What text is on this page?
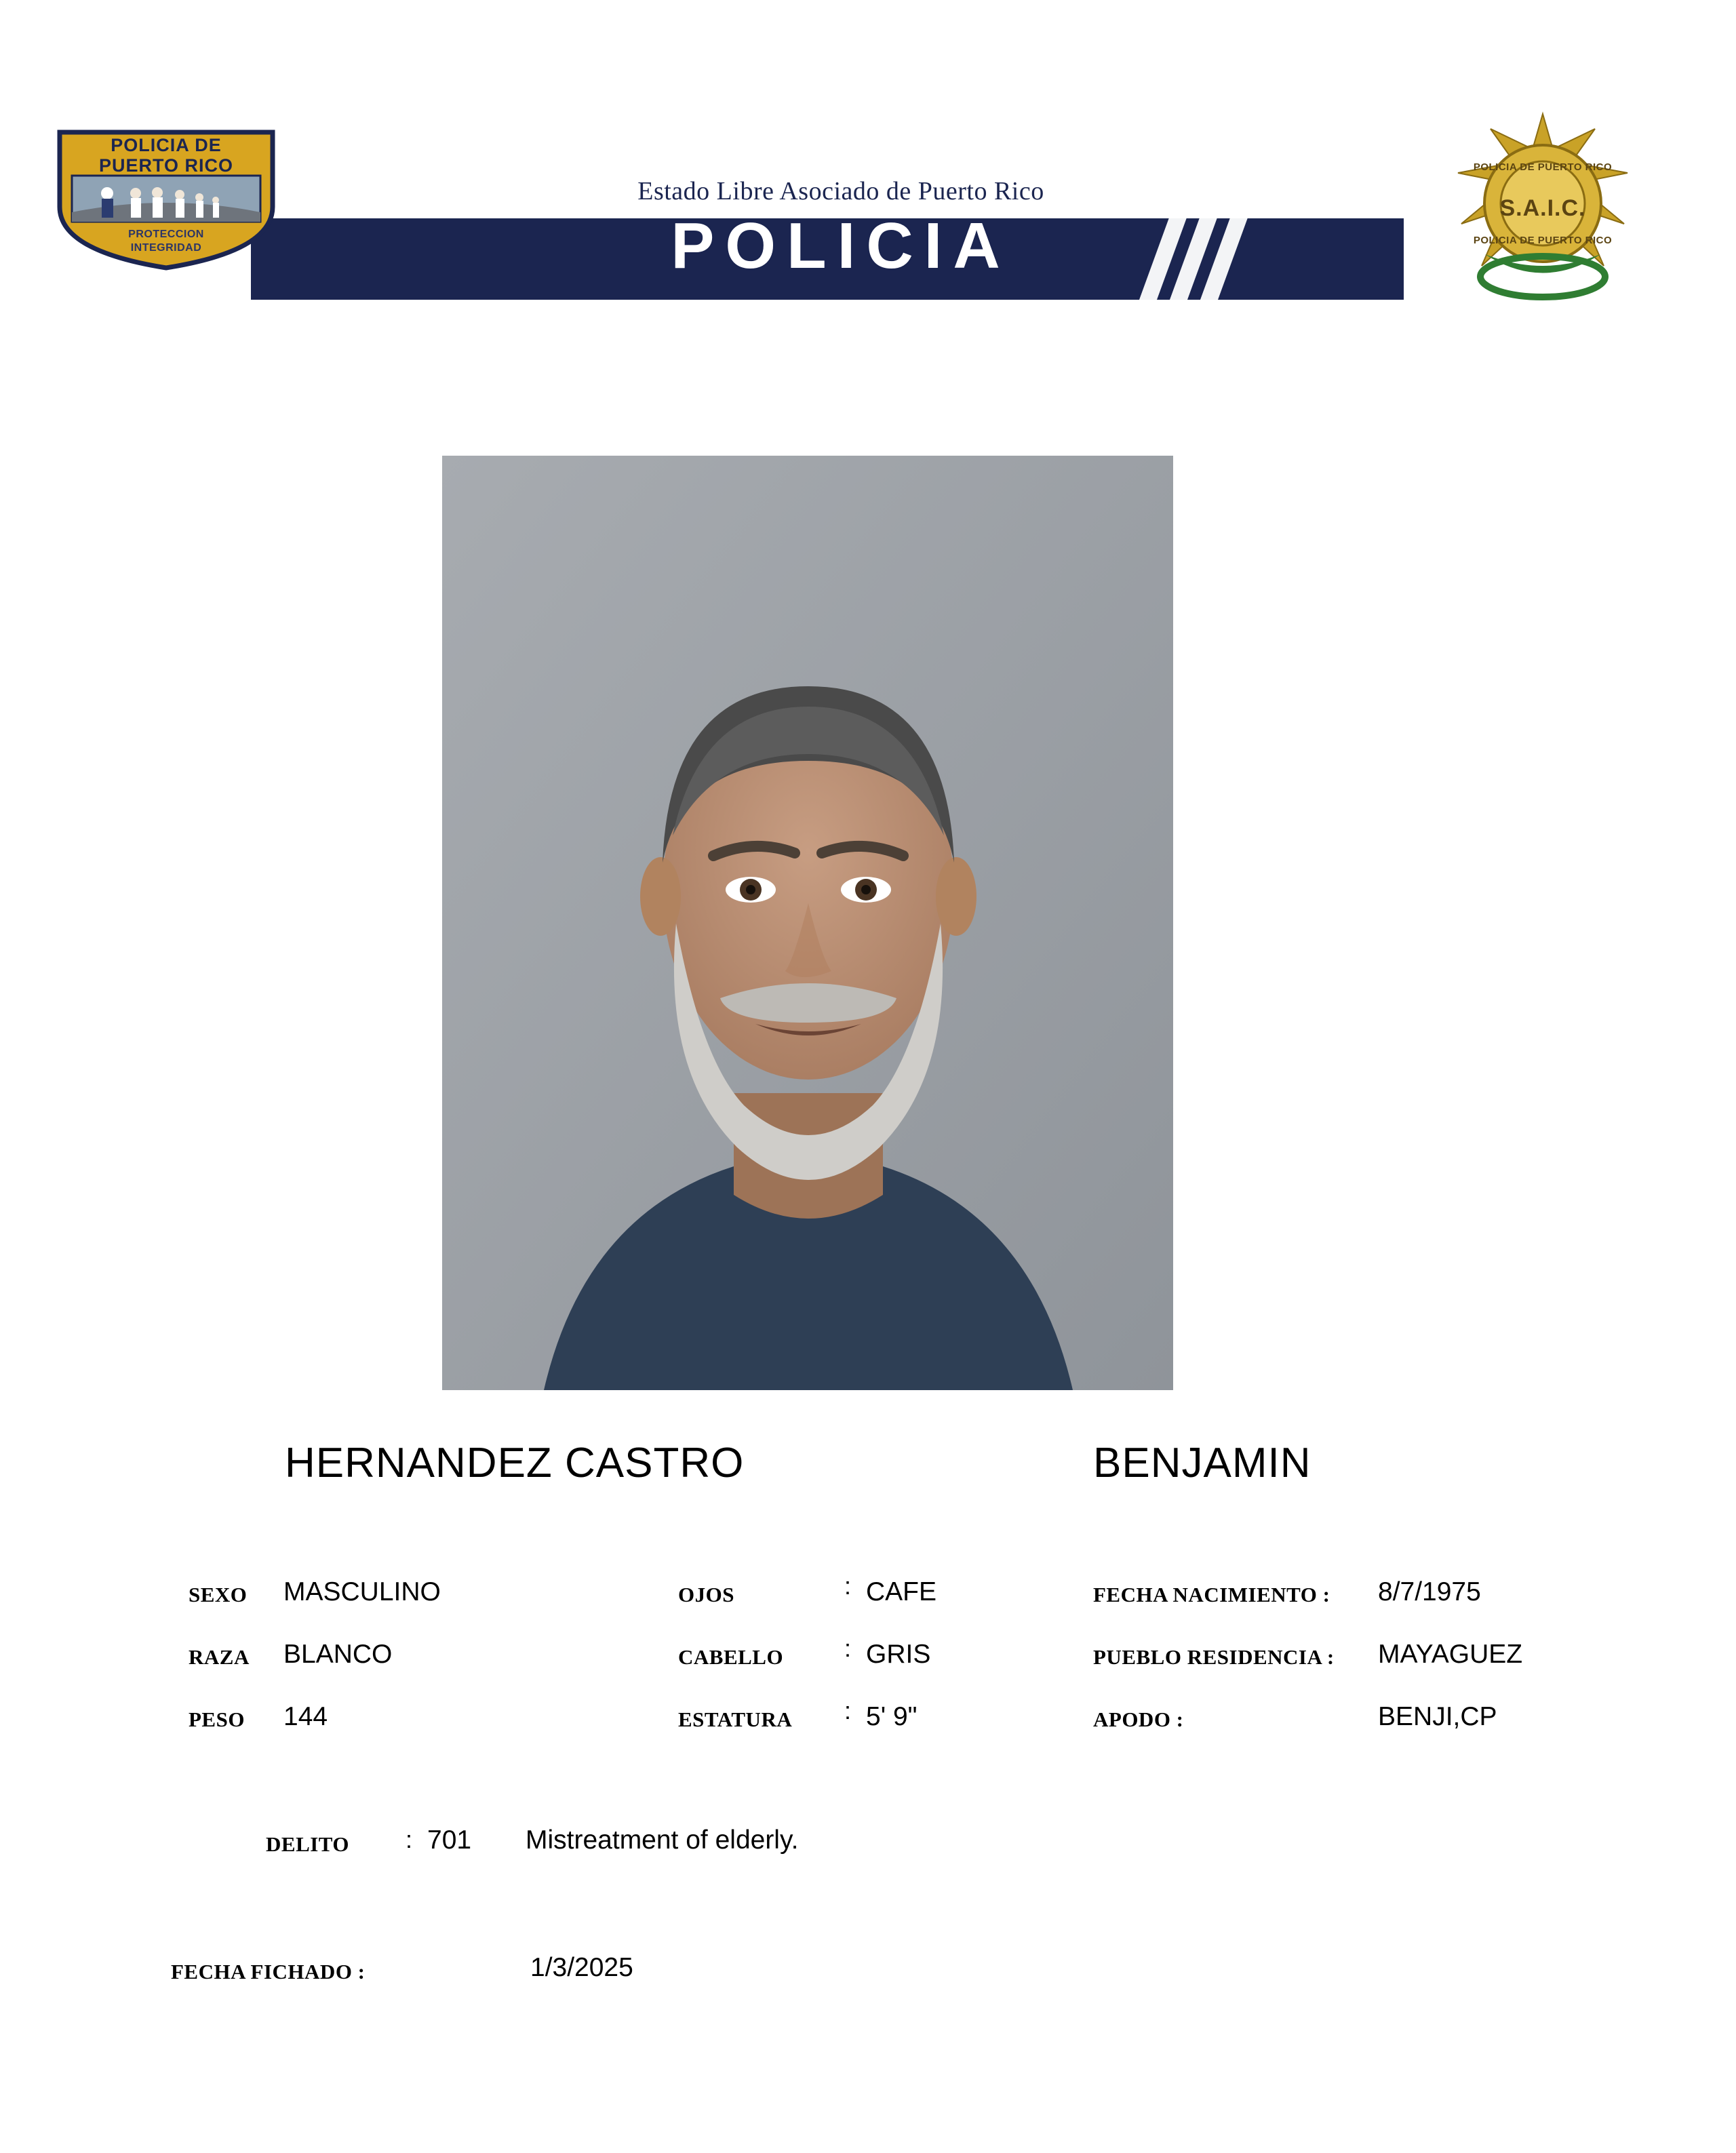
POLICIA DE
PUERTO RICO
PROTECCION
INTEGRIDAD
Estado Libre Asociado de Puerto Rico
POLICIA
POLICIA DE PUERTO RICO
S.A.I.C.
POLICIA DE PUERTO RICO
HERNANDEZ CASTRO	BENJAMIN
SEXO MASCULINO	OJOS	: CAFE	FECHA NACIMIENTO : 8/7/1975
RAZA BLANCO	CABELLO : GRIS	PUEBLO RESIDENCIA : MAYAGUEZ
PESO 144	ESTATURA : 5' 9"	APODO :	BENJI,CP
DELITO : 701 Mistreatment of elderly.
FECHA FICHADO :	1/3/2025
